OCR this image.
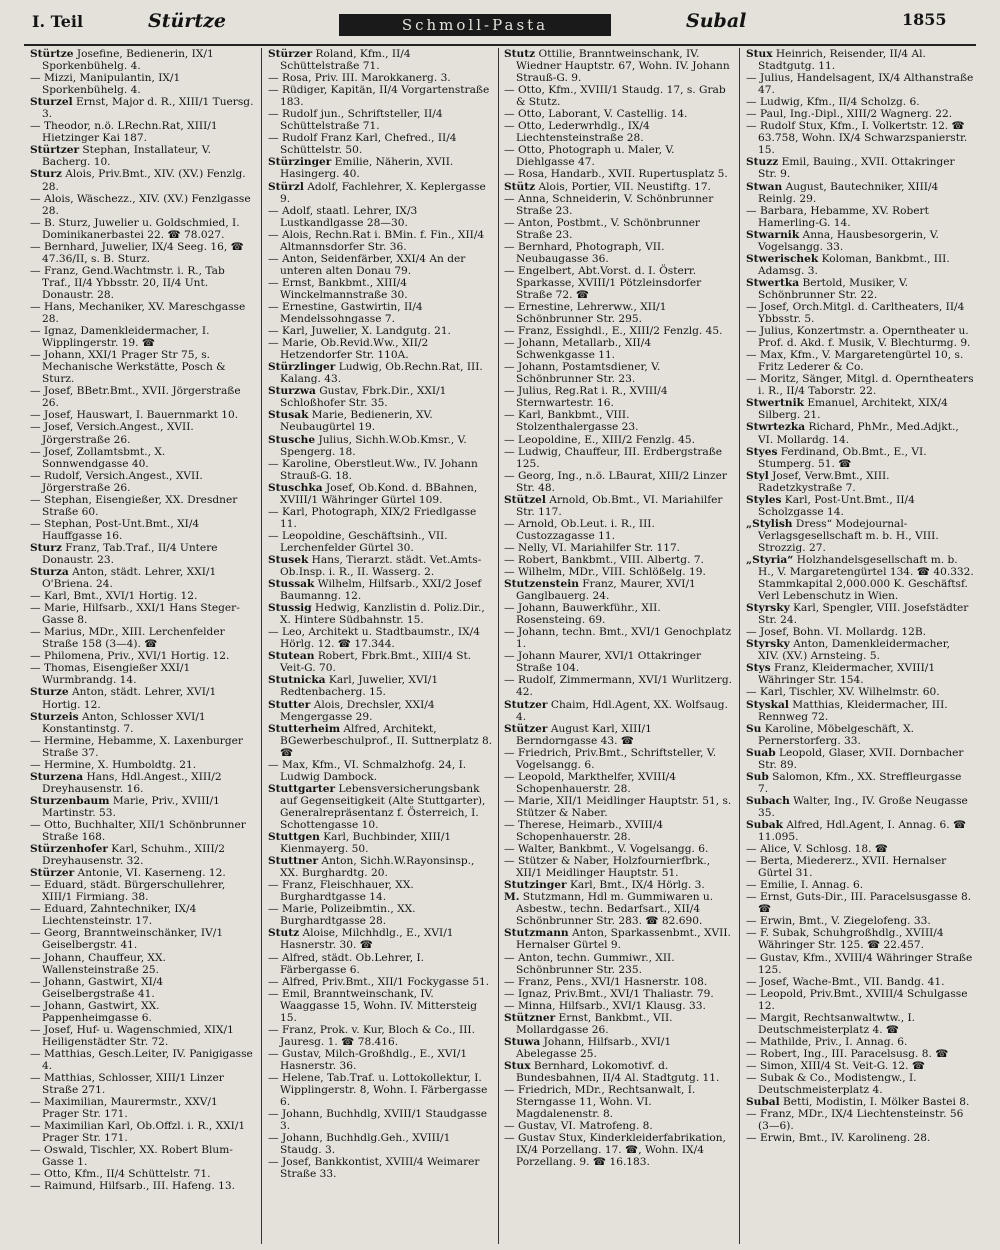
I. Teil	Stürtze	Schmoll-Pasta	Subal	1855

Stürtze Josefine, Bedienerin, IX/1 Sporkenbühelg. 4.

— Mizzi, Manipulantin, IX/1 Sporkenbühelg. 4.

Sturzel Ernst, Major d. R., XIII/1 Tuersg. 3.

— Theodor, n.ö. LRechn.Rat, XIII/1 Hietzinger Kai 187.

Stürtzer Stephan, Installateur, V. Bacherg. 10.

Sturz Alois, Priv.Bmt., XIV. (XV.) Fenzlg. 28.

— Alois, Wäschezz., XIV. (XV.) Fenzlgasse 28.

— B. Sturz, Juwelier u. Goldschmied, I. Dominikanerbastei 22. ☎ 78.027.

— Bernhard, Juwelier, IX/4 Seeg. 16, ☎ 47.36/II, s. B. Sturz.

— Franz, Gend.Wachtmstr. i. R., Tab Traf., II/4 Ybbsstr. 20, II/4 Unt. Donaustr. 28.

— Hans, Mechaniker, XV. Mareschgasse 28.

— Ignaz, Damenkleidermacher, I. Wipplingerstr. 19. ☎

— Johann, XXI/1 Prager Str 75, s. Mechanische Werkstätte, Posch & Sturz.

— Josef, BBetr.Bmt., XVII. Jörgerstraße 26.

— Josef, Hauswart, I. Bauernmarkt 10.

— Josef, Versich.Angest., XVII. Jörgerstraße 26.

— Josef, Zollamtsbmt., X. Sonnwendgasse 40.

— Rudolf, Versich.Angest., XVII. Jörgerstraße 26.

— Stephan, Eisengießer, XX. Dresdner Straße 60.

— Stephan, Post-Unt.Bmt., XI/4 Hauffgasse 16.

Sturz Franz, Tab.Traf., II/4 Untere Donaustr. 23.

Sturza Anton, städt. Lehrer, XXI/1 O'Briena. 24.

— Karl, Bmt., XVI/1 Hortig. 12.

— Marie, Hilfsarb., XXI/1 Hans Steger-Gasse 8.

— Marius, MDr., XIII. Lerchenfelder Straße 158 (3—4). ☎

— Philomena, Priv., XVI/1 Hortig. 12.

— Thomas, Eisengießer XXI/1 Wurmbrandg. 14.

Sturze Anton, städt. Lehrer, XVI/1 Hortig. 12.

Sturzeis Anton, Schlosser XVI/1 Konstantinstg. 7.

— Hermine, Hebamme, X. Laxenburger Straße 37.

— Hermine, X. Humboldtg. 21.

Sturzena Hans, Hdl.Angest., XIII/2 Dreyhausenstr. 16.

Sturzenbaum Marie, Priv., XVIII/1 Martinstr. 53.

— Otto, Buchhalter, XII/1 Schönbrunner Straße 168.

Stürzenhofer Karl, Schuhm., XIII/2 Dreyhausenstr. 32.

Stürzer Antonie, VI. Kaserneng. 12.

— Eduard, städt. Bürgerschullehrer, XIII/1 Firmiang. 38.

— Eduard, Zahntechniker, IX/4 Liechtensteinstr. 17.

— Georg, Branntweinschänker, IV/1 Geiselbergstr. 41.

— Johann, Chauffeur, XX. Wallensteinstraße 25.

— Johann, Gastwirt, XI/4 Geiselbergstraße 41.

— Johann, Gastwirt, XX. Pappenheimgasse 6.

— Josef, Huf- u. Wagenschmied, XIX/1 Heiligenstädter Str. 72.

— Matthias, Gesch.Leiter, IV. Panigigasse 4.

— Matthias, Schlosser, XIII/1 Linzer Straße 271.

— Maximilian, Maurermstr., XXV/1 Prager Str. 171.

— Maximilian Karl, Ob.Offzl. i. R., XXI/1 Prager Str. 171.

— Oswald, Tischler, XX. Robert Blum-Gasse 1.

— Otto, Kfm., II/4 Schüttelstr. 71.

— Raimund, Hilfsarb., III. Hafeng. 13.

Stürzer Roland, Kfm., II/4 Schüttelstraße 71.

— Rosa, Priv. III. Marokkanerg. 3.

— Rüdiger, Kapitän, II/4 Vorgartenstraße 183.

— Rudolf jun., Schriftsteller, II/4 Schüttelstraße 71.

— Rudolf Franz Karl, Chefred., II/4 Schüttelstr. 50.

Stürzinger Emilie, Näherin, XVII. Hasingerg. 40.

Stürzl Adolf, Fachlehrer, X. Keplergasse 9.

— Adolf, staatl. Lehrer, IX/3 Lustkandlgasse 28—30.

— Alois, Rechn.Rat i. BMin. f. Fin., XII/4 Altmannsdorfer Str. 36.

— Anton, Seidenfärber, XXI/4 An der unteren alten Donau 79.

— Ernst, Bankbmt., XIII/4 Winckelmannstraße 30.

— Ernestine, Gastwirtin, II/4 Mendelssohngasse 7.

— Karl, Juwelier, X. Landgutg. 21.

— Marie, Ob.Revid.Ww., XII/2 Hetzendorfer Str. 110A.

Stürzlinger Ludwig, Ob.Rechn.Rat, III. Kalang. 43.

Sturzwa Gustav, Fbrk.Dir., XXI/1 Schloßhofer Str. 35.

Stusak Marie, Bedienerin, XV. Neubaugürtel 19.

Stusche Julius, Sichh.W.Ob.Kmsr., V. Spengerg. 18.

— Karoline, Oberstleut.Ww., IV. Johann Strauß-G. 18.

Stuschka Josef, Ob.Kond. d. BBahnen, XVIII/1 Währinger Gürtel 109.

— Karl, Photograph, XIX/2 Friedlgasse 11.

— Leopoldine, Geschäftsinh., VII. Lerchenfelder Gürtel 30.

Stusek Hans, Tierarzt. städt. Vet.Amts-Ob.Insp. i. R., II. Wasserg. 2.

Stussak Wilhelm, Hilfsarb., XXI/2 Josef Baumanng. 12.

Stussig Hedwig, Kanzlistin d. Poliz.Dir., X. Hintere Südbahnstr. 15.

— Leo, Architekt u. Stadtbaumstr., IX/4 Hörlg. 12. ☎ 17.344.

Stutean Robert, Fbrk.Bmt., XIII/4 St. Veit-G. 70.

Stutnicka Karl, Juwelier, XVI/1 Redtenbacherg. 15.

Stutter Alois, Drechsler, XXI/4 Mengergasse 29.

Stutterheim Alfred, Architekt, BGewerbeschulprof., II. Suttnerplatz 8. ☎

— Max, Kfm., VI. Schmalzhofg. 24, I. Ludwig Dambock.

Stuttgarter Lebensversicherungsbank auf Gegenseitigkeit (Alte Stuttgarter), Generalrepräsentanz f. Österreich, I. Schottengasse 10.

Stuttgen Karl, Buchbinder, XIII/1 Kienmayerg. 50.

Stuttner Anton, Sichh.W.Rayonsinsp., XX. Burghardtg. 20.

— Franz, Fleischhauer, XX. Burghardtgasse 14.

— Marie, Polizeibmtin., XX. Burghardtgasse 28.

Stutz Aloise, Milchhdlg., E., XVI/1 Hasnerstr. 30. ☎

— Alfred, städt. Ob.Lehrer, I. Färbergasse 6.

— Alfred, Priv.Bmt., XII/1 Fockygasse 51.

— Emil, Branntweinschank, IV. Waaggasse 15, Wohn. IV. Mittersteig 15.

— Franz, Prok. v. Kur, Bloch & Co., III. Jauresg. 1. ☎ 78.416.

— Gustav, Milch-Großhdlg., E., XVI/1 Hasnerstr. 36.

— Helene, Tab.Traf. u. Lottokollektur, I. Wipplingerstr. 8, Wohn. I. Färbergasse 6.

— Johann, Buchhdlg, XVIII/1 Staudgasse 3.

— Johann, Buchhdlg.Geh., XVIII/1 Staudg. 3.

— Josef, Bankkontist, XVIII/4 Weimarer Straße 33.

Stutz Ottilie, Branntweinschank, IV. Wiedner Hauptstr. 67, Wohn. IV. Johann Strauß-G. 9.

— Otto, Kfm., XVIII/1 Staudg. 17, s. Grab & Stutz.

— Otto, Laborant, V. Castellig. 14.

— Otto, Lederwrhdlg., IX/4 Liechtensteinstraße 28.

— Otto, Photograph u. Maler, V. Diehlgasse 47.

— Rosa, Handarb., XVII. Rupertusplatz 5.

Stütz Alois, Portier, VII. Neustiftg. 17.

— Anna, Schneiderin, V. Schönbrunner Straße 23.

— Anton, Postbmt., V. Schönbrunner Straße 23.

— Bernhard, Photograph, VII. Neubaugasse 36.

— Engelbert, Abt.Vorst. d. I. Österr. Sparkasse, XVIII/1 Pötzleinsdorfer Straße 72. ☎

— Ernestine, Lehrerww., XII/1 Schönbrunner Str. 295.

— Franz, Essighdl., E., XIII/2 Fenzlg. 45.

— Johann, Metallarb., XII/4 Schwenkgasse 11.

— Johann, Postamtsdiener, V. Schönbrunner Str. 23.

— Julius, Reg.Rat i. R., XVIII/4 Sternwartestr. 16.

— Karl, Bankbmt., VIII. Stolzenthalergasse 23.

— Leopoldine, E., XIII/2 Fenzlg. 45.

— Ludwig, Chauffeur, III. Erdbergstraße 125.

— Georg, Ing., n.ö. LBaurat, XIII/2 Linzer Str. 48.

Stützel Arnold, Ob.Bmt., VI. Mariahilfer Str. 117.

— Arnold, Ob.Leut. i. R., III. Custozzagasse 11.

— Nelly, VI. Mariahilfer Str. 117.

— Robert, Bankbmt., VIII. Albertg. 7.

— Wilhelm, MDr., VIII. Schlößelg. 19.

Stutzenstein Franz, Maurer, XVI/1 Ganglbauerg. 24.

— Johann, Bauwerkführ., XII. Rosensteing. 69.

— Johann, techn. Bmt., XVI/1 Genochplatz 1.

— Johann Maurer, XVI/1 Ottakringer Straße 104.

— Rudolf, Zimmermann, XVI/1 Wurlitzerg. 42.

Stutzer Chaim, Hdl.Agent, XX. Wolfsaug. 4.

Stützer August Karl, XIII/1 Berndorngasse 43. ☎

— Friedrich, Priv.Bmt., Schriftsteller, V. Vogelsangg. 6.

— Leopold, Markthelfer, XVIII/4 Schopenhauerstr. 28.

— Marie, XII/1 Meidlinger Hauptstr. 51, s. Stützer & Naber.

— Therese, Heimarb., XVIII/4 Schopenhauerstr. 28.

— Walter, Bankbmt., V. Vogelsangg. 6.

— Stützer & Naber, Holzfournierfbrk., XII/1 Meidlinger Hauptstr. 51.

Stutzinger Karl, Bmt., IX/4 Hörlg. 3.

M. Stutzmann, Hdl m. Gummiwaren u. Asbestw., techn. Bedarfsart., XII/4 Schönbrunner Str. 283. ☎ 82.690.

Stutzmann Anton, Sparkassenbmt., XVII. Hernalser Gürtel 9.

— Anton, techn. Gummiwr., XII. Schönbrunner Str. 235.

— Franz, Pens., XVI/1 Hasnerstr. 108.

— Ignaz, Priv.Bmt., XVI/1 Thaliastr. 79.

— Minna, Hilfsarb., XVI/1 Klausg. 33.

Stützner Ernst, Bankbmt., VII. Mollardgasse 26.

Stuwa Johann, Hilfsarb., XVI/1 Abelegasse 25.

Stux Bernhard, Lokomotivf. d. Bundesbahnen, II/4 Al. Stadtgutg. 11.

— Friedrich, MDr., Rechtsanwalt, I. Sterngasse 11, Wohn. VI. Magdalenenstr. 8.

— Gustav, VI. Matrofeng. 8.

— Gustav Stux, Kinderkleiderfabrikation, IX/4 Porzellang. 17. ☎, Wohn. IX/4 Porzellang. 9. ☎ 16.183.

Stux Heinrich, Reisender, II/4 Al. Stadtgutg. 11.

— Julius, Handelsagent, IX/4 Althanstraße 47.

— Ludwig, Kfm., II/4 Scholzg. 6.

— Paul, Ing.-Dipl., XIII/2 Wagnerg. 22.

— Rudolf Stux, Kfm., I. Volkertstr. 12. ☎ 63.758, Wohn. IX/4 Schwarzspanierstr. 15.

Stuzz Emil, Bauing., XVII. Ottakringer Str. 9.

Stwan August, Bautechniker, XIII/4 Reinlg. 29.

— Barbara, Hebamme, XV. Robert Hamerling-G. 14.

Stwarnik Anna, Hausbesorgerin, V. Vogelsangg. 33.

Stwerischek Koloman, Bankbmt., III. Adamsg. 3.

Stwertka Bertold, Musiker, V. Schönbrunner Str. 22.

— Josef, Orch.Mitgl. d. Carltheaters, II/4 Ybbsstr. 5.

— Julius, Konzertmstr. a. Operntheater u. Prof. d. Akd. f. Musik, V. Blechturmg. 9.

— Max, Kfm., V. Margaretengürtel 10, s. Fritz Lederer & Co.

— Moritz, Sänger, Mitgl. d. Operntheaters i. R., II/4 Taborstr. 22.

Stwertnik Emanuel, Architekt, XIX/4 Silberg. 21.

Stwrtezka Richard, PhMr., Med.Adjkt., VI. Mollardg. 14.

Styes Ferdinand, Ob.Bmt., E., VI. Stumperg. 51. ☎

Styl Josef, Verw.Bmt., XIII. Radetzkystraße 7.

Styles Karl, Post-Unt.Bmt., II/4 Scholzgasse 14.

„Stylish Dress“ Modejournal-Verlagsgesellschaft m. b. H., VIII. Strozzig. 27.

„Styria“ Holzhandelsgesellschaft m. b. H., V. Margaretengürtel 134. ☎ 40.332. Stammkapital 2,000.000 K. Geschäftsf. Verl Lebenschutz in Wien.

Styrsky Karl, Spengler, VIII. Josefstädter Str. 24.

— Josef, Bohn. VI. Mollardg. 12B.

Styrsky Anton, Damenkleidermacher, XIV. (XV.) Arnsteing. 5.

Stys Franz, Kleidermacher, XVIII/1 Währinger Str. 154.

— Karl, Tischler, XV. Wilhelmstr. 60.

Styskal Matthias, Kleidermacher, III. Rennweg 72.

Su Karoline, Möbelgeschäft, X. Pernerstorferg. 33.

Suab Leopold, Glaser, XVII. Dornbacher Str. 89.

Sub Salomon, Kfm., XX. Streffleurgasse 7.

Subach Walter, Ing., IV. Große Neugasse 35.

Subak Alfred, Hdl.Agent, I. Annag. 6. ☎ 11.095.

— Alice, V. Schlosg. 18. ☎

— Berta, Miedererz., XVII. Hernalser Gürtel 31.

— Emilie, I. Annag. 6.

— Ernst, Guts-Dir., III. Paracelsusgasse 8. ☎

— Erwin, Bmt., V. Ziegelofeng. 33.

— F. Subak, Schuhgroßhdlg., XVIII/4 Währinger Str. 125. ☎ 22.457.

— Gustav, Kfm., XVIII/4 Währinger Straße 125.

— Josef, Wache-Bmt., VII. Bandg. 41.

— Leopold, Priv.Bmt., XVIII/4 Schulgasse 12.

— Margit, Rechtsanwaltwtw., I. Deutschmeisterplatz 4. ☎

— Mathilde, Priv., I. Annag. 6.

— Robert, Ing., III. Paracelsusg. 8. ☎

— Simon, XIII/4 St. Veit-G. 12. ☎

— Subak & Co., Modistengw., I. Deutschmeisterplatz 4.

Subal Betti, Modistin, I. Mölker Bastei 8.

— Franz, MDr., IX/4 Liechtensteinstr. 56 (3—6).

— Erwin, Bmt., IV. Karolineng. 28.
